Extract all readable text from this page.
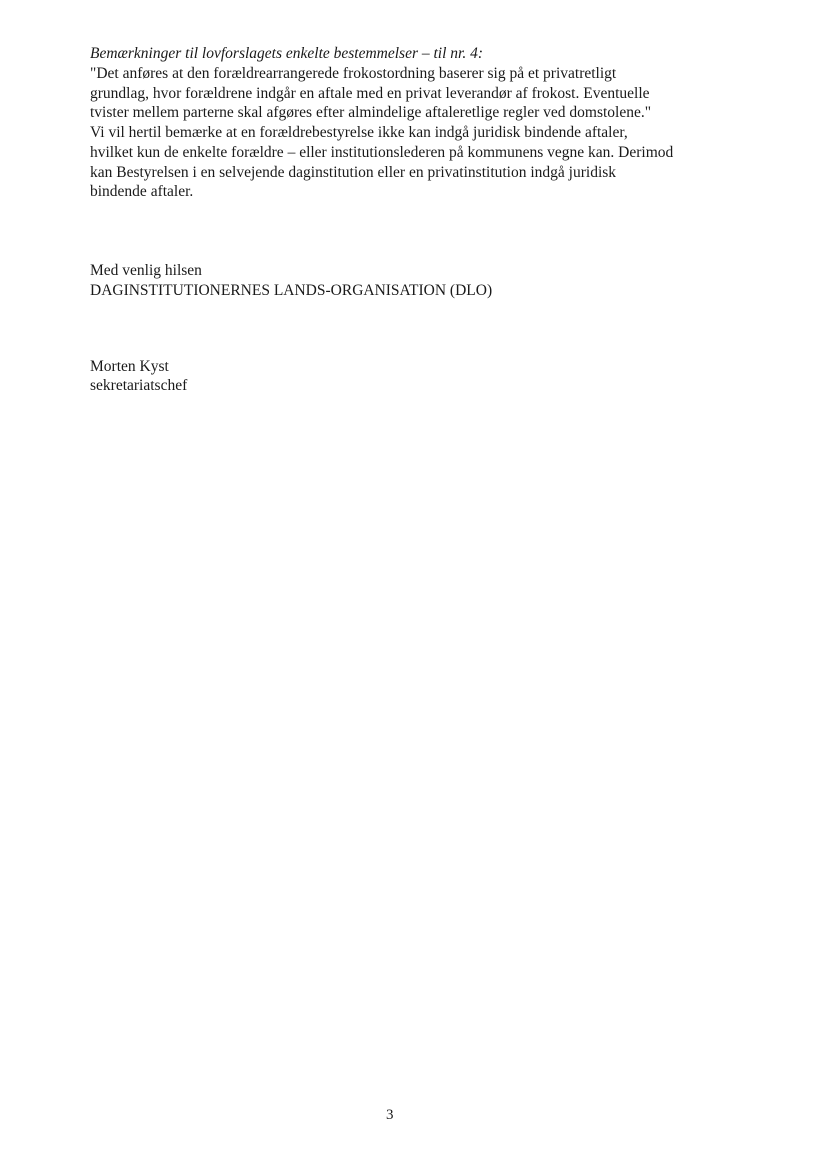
Bemærkninger til lovforslagets enkelte bestemmelser – til nr. 4:
"Det anføres at den forældrearrangerede frokostordning baserer sig på et privatretligt
grundlag, hvor forældrene indgår en aftale med en privat leverandør af frokost. Eventuelle
tvister mellem parterne skal afgøres efter almindelige aftaleretlige regler ved domstolene."
Vi vil hertil bemærke at en forældrebestyrelse ikke kan indgå juridisk bindende aftaler,
hvilket kun de enkelte forældre – eller institutionslederen på kommunens vegne kan. Derimod
kan Bestyrelsen i en selvejende daginstitution eller en privatinstitution indgå juridisk
bindende aftaler.
Med venlig hilsen
DAGINSTITUTIONERNES LANDS-ORGANISATION (DLO)
Morten Kyst
sekretariatschef
3
